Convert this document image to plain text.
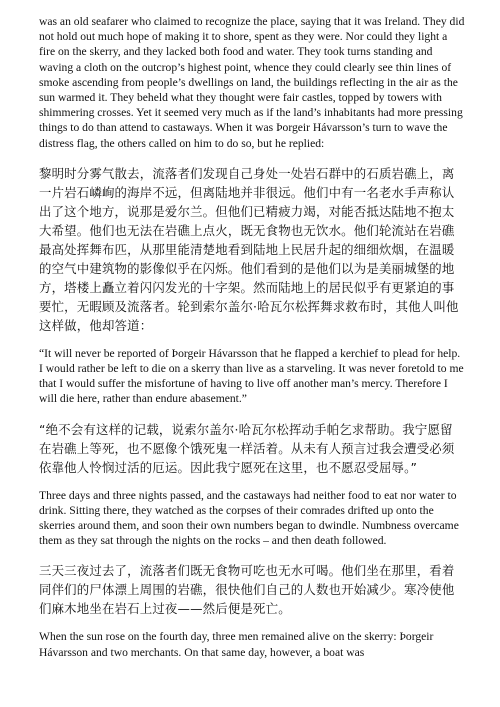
was an old seafarer who claimed to recognize the place, saying that it was Ireland. They did not hold out much hope of making it to shore, spent as they were. Nor could they light a fire on the skerry, and they lacked both food and water. They took turns standing and waving a cloth on the outcrop’s highest point, whence they could clearly see thin lines of smoke ascending from people’s dwellings on land, the buildings reflecting in the air as the sun warmed it. They beheld what they thought were fair castles, topped by towers with shimmering crosses. Yet it seemed very much as if the land’s inhabitants had more pressing things to do than attend to castaways. When it was Þorgeir Hávarsson’s turn to wave the distress flag, the others called on him to do so, but he replied:

黎明时分雾气散去，流落者们发现自己身处一处岩石群中的石质岩礁上，离一片岩石嶙峋的海岸不远，但离陆地并非很远。他们中有一名老水手声称认出了这个地方，说那是爱尔兰。但他们已精疲力竭，对能否抵达陆地不抱太大希望。他们也无法在岩礁上点火，既无食物也无饮水。他们轮流站在岩礁最高处挥舞布匹，从那里能清楚地看到陆地上民居升起的细细炊烟，在温暖的空气中建筑物的影像似乎在闪烁。他们看到的是他们以为是美丽城堡的地方，塔楼上矗立着闪闪发光的十字架。然而陆地上的居民似乎有更紧迫的事要忙，无暇顾及流落者。轮到索尔盖尔·哈瓦尔松挥舞求救布时，其他人叫他这样做，他却答道：

“It will never be reported of Þorgeir Hávarsson that he flapped a kerchief to plead for help. I would rather be left to die on a skerry than live as a starveling. It was never foretold to me that I would suffer the misfortune of having to live off another man’s mercy. Therefore I will die here, rather than endure abasement.”

“绝不会有这样的记载，说索尔盖尔·哈瓦尔松挥动手帕乞求帮助。我宁愿留在岩礁上等死，也不愿像个饿死鬼一样活着。从未有人预言过我会遭受必须依靠他人怜悯过活的厄运。因此我宁愿死在这里，也不愿忍受屈辱。”

Three days and three nights passed, and the castaways had neither food to eat nor water to drink. Sitting there, they watched as the corpses of their comrades drifted up onto the skerries around them, and soon their own numbers began to dwindle. Numbness overcame them as they sat through the nights on the rocks – and then death followed.

三天三夜过去了，流落者们既无食物可吃也无水可喝。他们坐在那里，看着同伴们的尸体漂上周围的岩礁，很快他们自己的人数也开始减少。寒冷使他们麻木地坐在岩石上过夜——然后便是死亡。

When the sun rose on the fourth day, three men remained alive on the skerry: Þorgeir Hávarsson and two merchants. On that same day, however, a boat was
